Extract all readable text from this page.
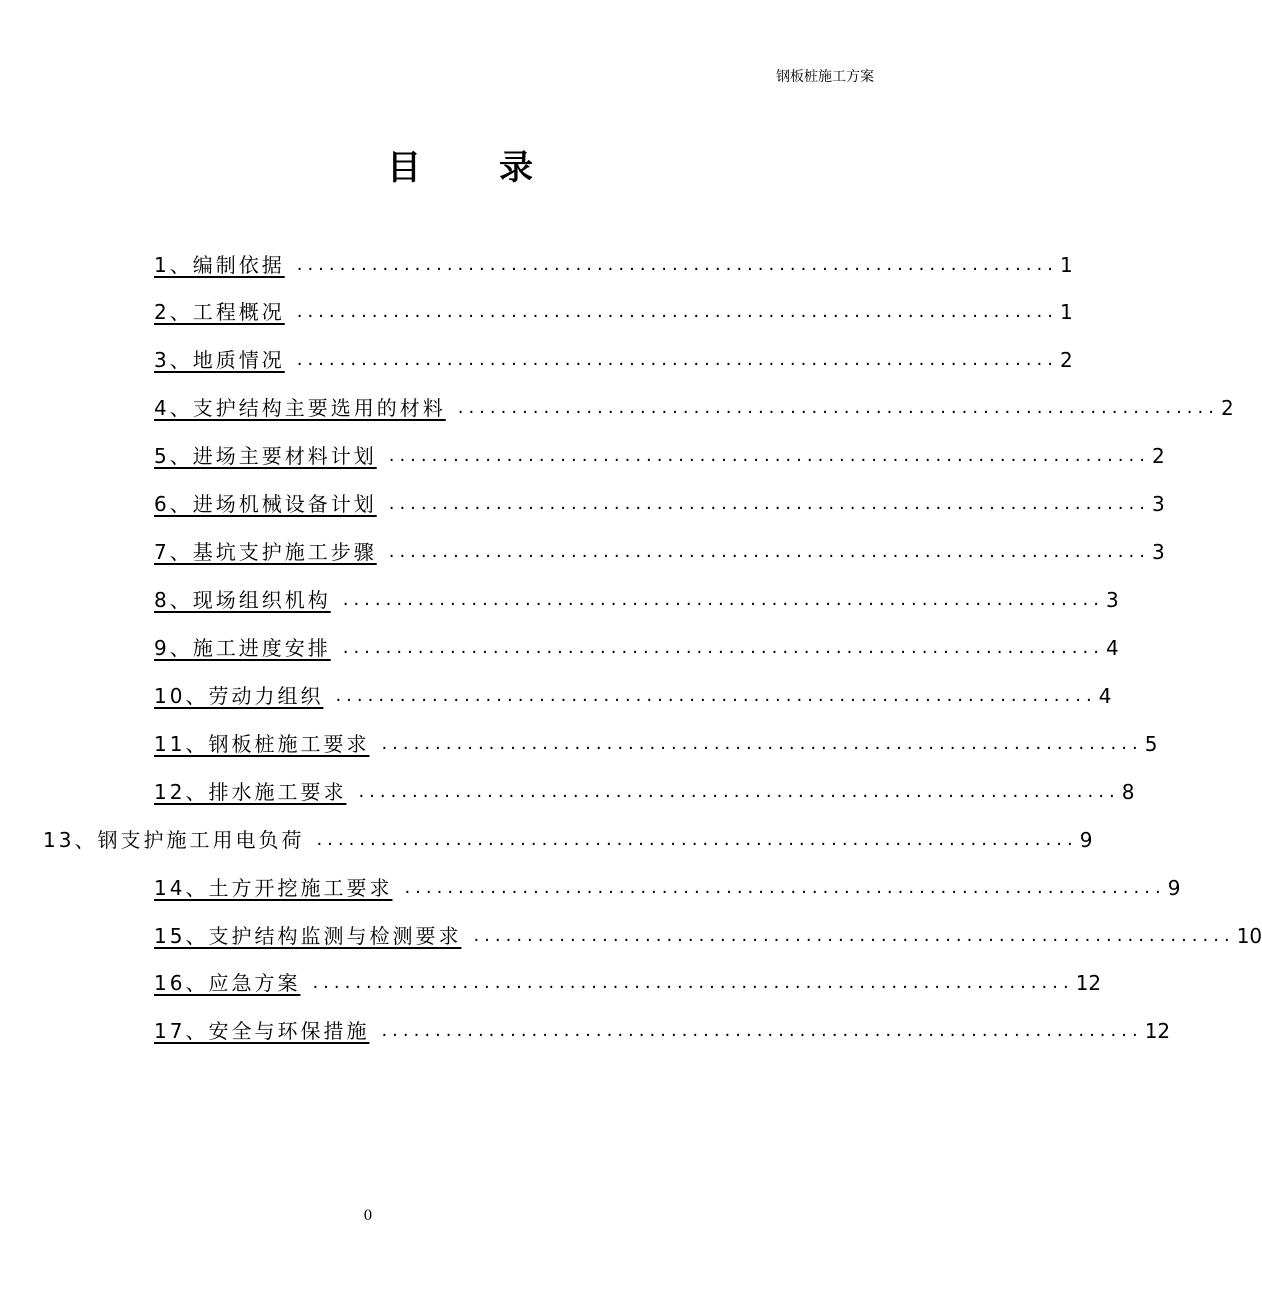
钢板桩施工方案
目 录
1、编制依据 ....................................................................... 1
2、工程概况 ....................................................................... 1
3、地质情况 ....................................................................... 2
4、支护结构主要选用的材料 ....................................................................... 2
5、进场主要材料计划 ....................................................................... 2
6、进场机械设备计划 ....................................................................... 3
7、基坑支护施工步骤 ....................................................................... 3
8、现场组织机构 ....................................................................... 3
9、施工进度安排 ....................................................................... 4
10、劳动力组织 ....................................................................... 4
11、钢板桩施工要求 ....................................................................... 5
12、排水施工要求 ....................................................................... 8
13、钢支护施工用电负荷 ....................................................................... 9
14、土方开挖施工要求 ....................................................................... 9
15、支护结构监测与检测要求 ....................................................................... 10
16、应急方案 ....................................................................... 12
17、安全与环保措施 ....................................................................... 12
0
